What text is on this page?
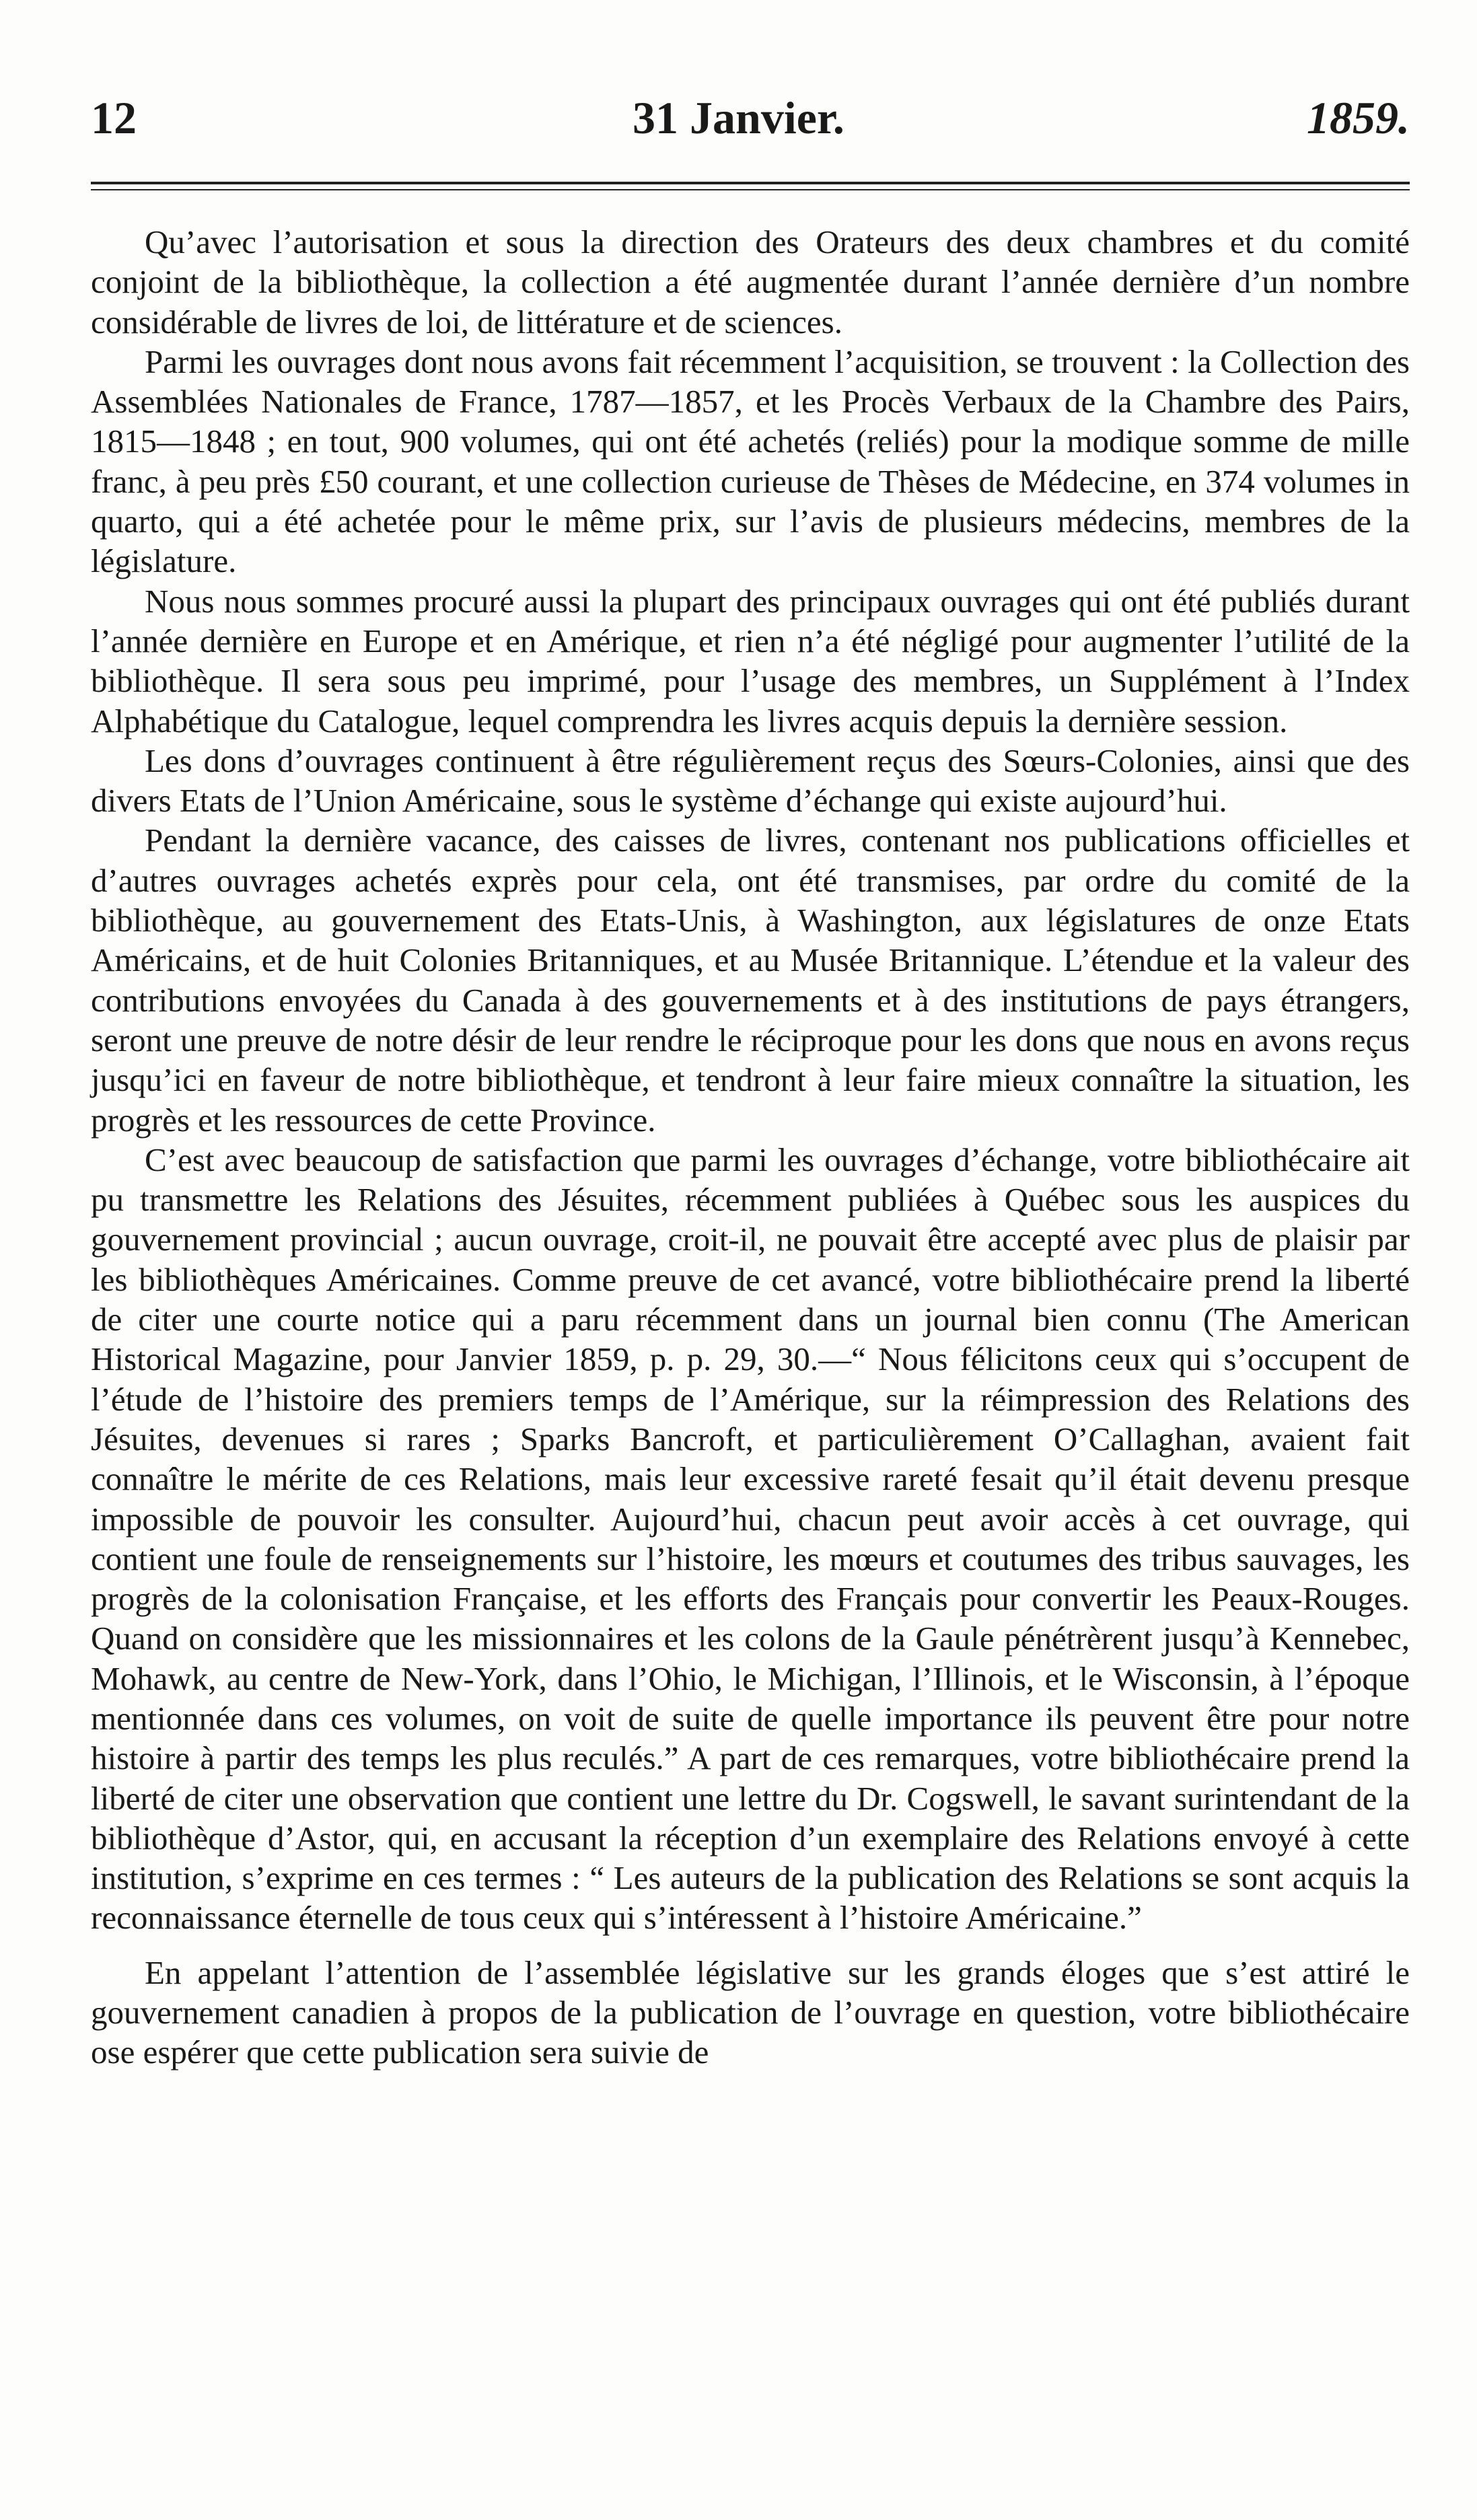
12	31 Janvier.	1859.

Qu’avec l’autorisation et sous la direction des Orateurs des deux chambres et du comité conjoint de la bibliothèque, la collection a été augmentée durant l’année dernière d’un nombre considérable de livres de loi, de littérature et de sciences.

Parmi les ouvrages dont nous avons fait récemment l’acquisition, se trouvent : la Collection des Assemblées Nationales de France, 1787—1857, et les Procès Verbaux de la Chambre des Pairs, 1815—1848 ; en tout, 900 volumes, qui ont été achetés (reliés) pour la modique somme de mille franc, à peu près £50 courant, et une collection curieuse de Thèses de Médecine, en 374 volumes in quarto, qui a été achetée pour le même prix, sur l’avis de plusieurs médecins, membres de la législature.

Nous nous sommes procuré aussi la plupart des principaux ouvrages qui ont été publiés durant l’année dernière en Europe et en Amérique, et rien n’a été négligé pour augmenter l’utilité de la bibliothèque. Il sera sous peu imprimé, pour l’usage des membres, un Supplément à l’Index Alphabétique du Catalogue, lequel comprendra les livres acquis depuis la dernière session.

Les dons d’ouvrages continuent à être régulièrement reçus des Sœurs-Colonies, ainsi que des divers Etats de l’Union Américaine, sous le système d’échange qui existe aujourd’hui.

Pendant la dernière vacance, des caisses de livres, contenant nos publications officielles et d’autres ouvrages achetés exprès pour cela, ont été transmises, par ordre du comité de la bibliothèque, au gouvernement des Etats-Unis, à Washington, aux législatures de onze Etats Américains, et de huit Colonies Britanniques, et au Musée Britannique. L’étendue et la valeur des contributions envoyées du Canada à des gouvernements et à des institutions de pays étrangers, seront une preuve de notre désir de leur rendre le réciproque pour les dons que nous en avons reçus jusqu’ici en faveur de notre bibliothèque, et tendront à leur faire mieux connaître la situation, les progrès et les ressources de cette Province.

C’est avec beaucoup de satisfaction que parmi les ouvrages d’échange, votre bibliothécaire ait pu transmettre les Relations des Jésuites, récemment publiées à Québec sous les auspices du gouvernement provincial ; aucun ouvrage, croit-il, ne pouvait être accepté avec plus de plaisir par les bibliothèques Américaines. Comme preuve de cet avancé, votre bibliothécaire prend la liberté de citer une courte notice qui a paru récemment dans un journal bien connu (The American Historical Magazine, pour Janvier 1859, p. p. 29, 30.—“ Nous félicitons ceux qui s’occupent de l’étude de l’histoire des premiers temps de l’Amérique, sur la réimpression des Relations des Jésuites, devenues si rares ; Sparks Bancroft, et particulièrement O’Callaghan, avaient fait connaître le mérite de ces Relations, mais leur excessive rareté fesait qu’il était devenu presque impossible de pouvoir les consulter. Aujourd’hui, chacun peut avoir accès à cet ouvrage, qui contient une foule de renseignements sur l’histoire, les mœurs et coutumes des tribus sauvages, les progrès de la colonisation Française, et les efforts des Français pour convertir les Peaux-Rouges. Quand on considère que les missionnaires et les colons de la Gaule pénétrèrent jusqu’à Kennebec, Mohawk, au centre de New-York, dans l’Ohio, le Michigan, l’Illinois, et le Wisconsin, à l’époque mentionnée dans ces volumes, on voit de suite de quelle importance ils peuvent être pour notre histoire à partir des temps les plus reculés.” A part de ces remarques, votre bibliothécaire prend la liberté de citer une observation que contient une lettre du Dr. Cogswell, le savant surintendant de la bibliothèque d’Astor, qui, en accusant la réception d’un exemplaire des Relations envoyé à cette institution, s’exprime en ces termes : “ Les auteurs de la publication des Relations se sont acquis la reconnaissance éternelle de tous ceux qui s’intéressent à l’histoire Américaine.”

En appelant l’attention de l’assemblée législative sur les grands éloges que s’est attiré le gouvernement canadien à propos de la publication de l’ouvrage en question, votre bibliothécaire ose espérer que cette publication sera suivie de
